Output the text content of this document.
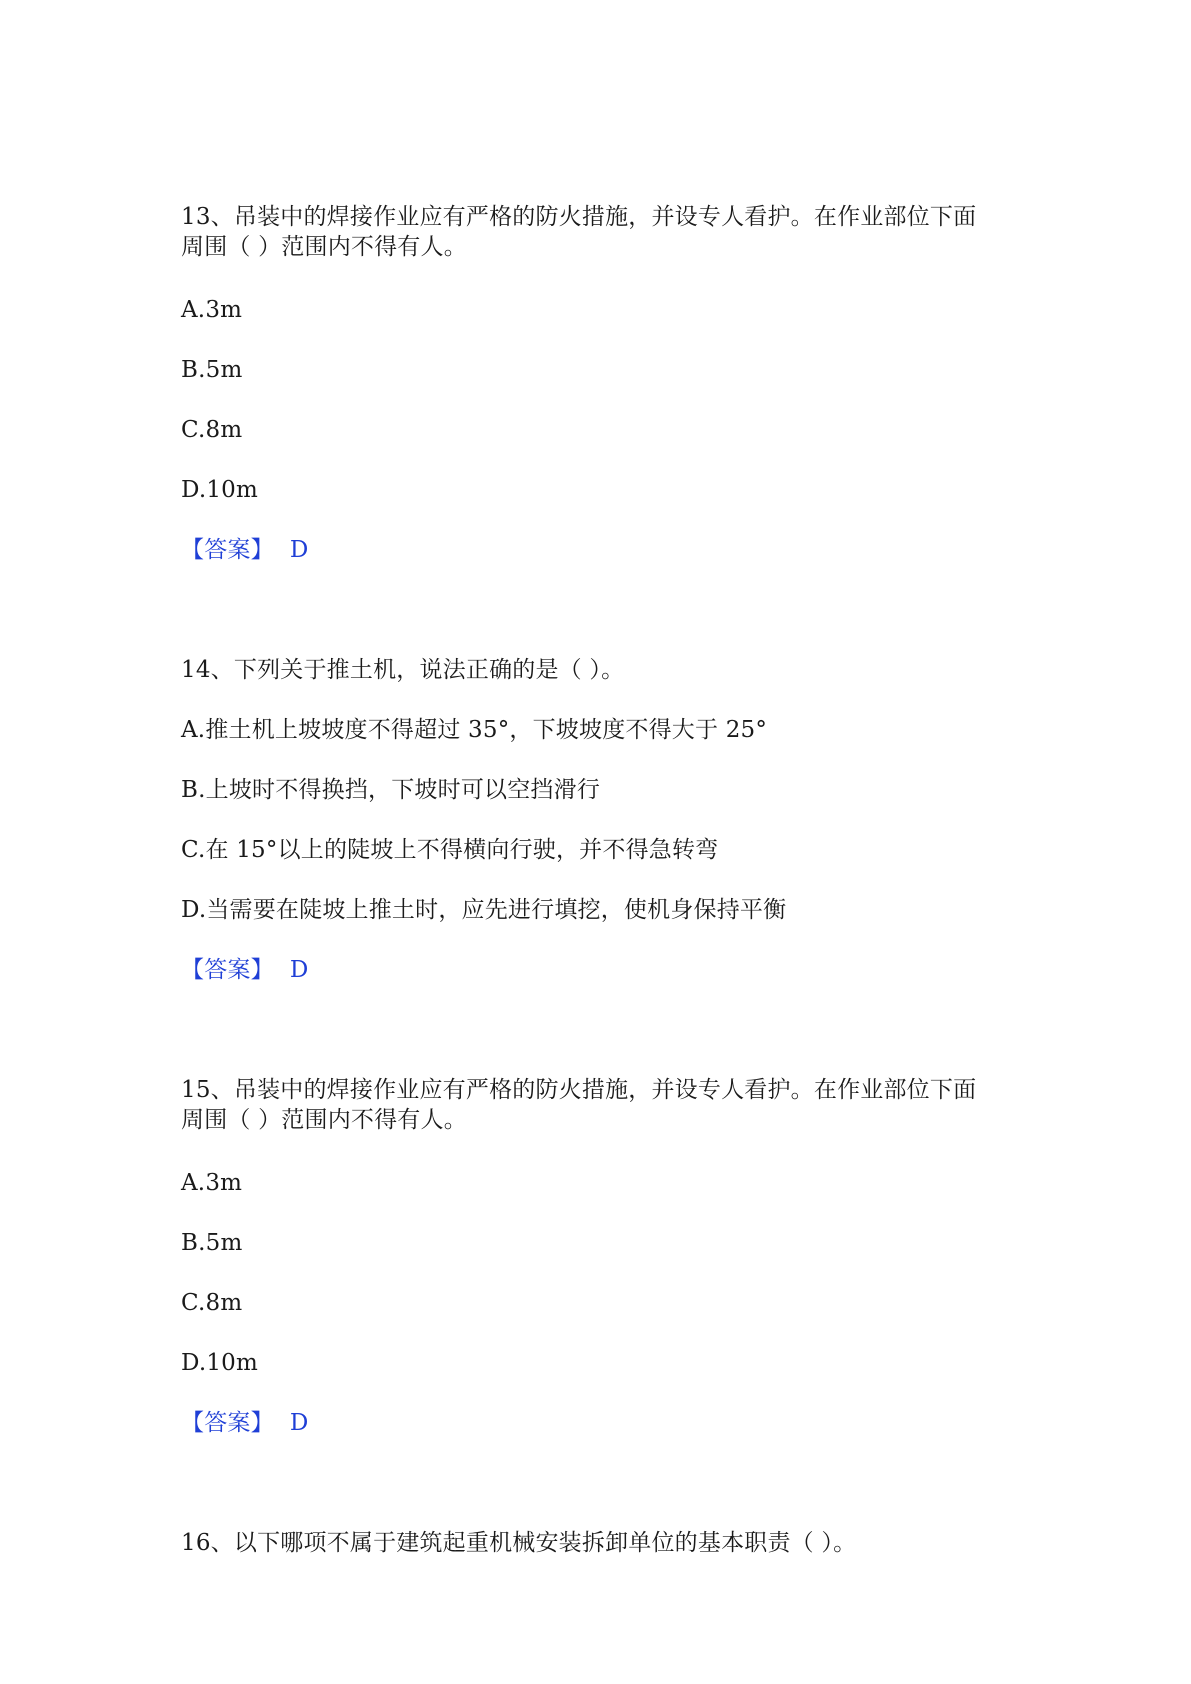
13、吊装中的焊接作业应有严格的防火措施，并设专人看护。在作业部位下面
周围（ ）范围内不得有人。
A.3m
B.5m
C.8m
D.10m
【答案】 D
14、下列关于推土机，说法正确的是（ ）。
A.推土机上坡坡度不得超过 35°，下坡坡度不得大于 25°
B.上坡时不得换挡，下坡时可以空挡滑行
C.在 15°以上的陡坡上不得横向行驶，并不得急转弯
D.当需要在陡坡上推土时，应先进行填挖，使机身保持平衡
【答案】 D
15、吊装中的焊接作业应有严格的防火措施，并设专人看护。在作业部位下面
周围（ ）范围内不得有人。
A.3m
B.5m
C.8m
D.10m
【答案】 D
16、以下哪项不属于建筑起重机械安装拆卸单位的基本职责（ ）。
